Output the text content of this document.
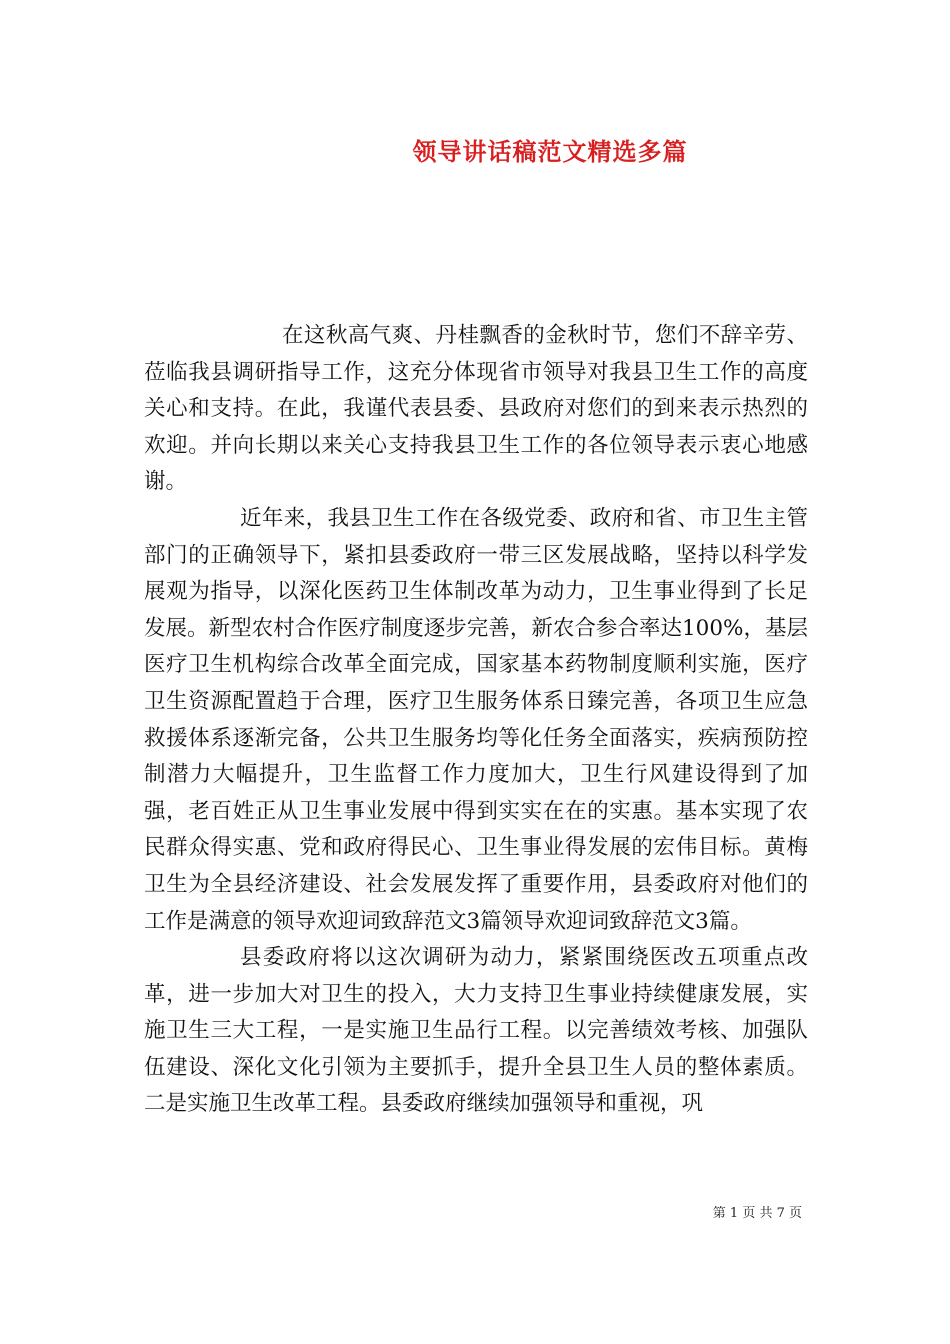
领导讲话稿范文精选多篇

在这秋高气爽、丹桂飘香的金秋时节，您们不辞辛劳、莅临我县调研指导工作，这充分体现省市领导对我县卫生工作的高度关心和支持。在此，我谨代表县委、县政府对您们的到来表示热烈的欢迎。并向长期以来关心支持我县卫生工作的各位领导表示衷心地感谢。

近年来，我县卫生工作在各级党委、政府和省、市卫生主管部门的正确领导下，紧扣县委政府一带三区发展战略，坚持以科学发展观为指导，以深化医药卫生体制改革为动力，卫生事业得到了长足发展。新型农村合作医疗制度逐步完善，新农合参合率达100%，基层医疗卫生机构综合改革全面完成，国家基本药物制度顺利实施，医疗卫生资源配置趋于合理，医疗卫生服务体系日臻完善，各项卫生应急救援体系逐渐完备，公共卫生服务均等化任务全面落实，疾病预防控制潜力大幅提升，卫生监督工作力度加大，卫生行风建设得到了加强，老百姓正从卫生事业发展中得到实实在在的实惠。基本实现了农民群众得实惠、党和政府得民心、卫生事业得发展的宏伟目标。黄梅卫生为全县经济建设、社会发展发挥了重要作用，县委政府对他们的工作是满意的领导欢迎词致辞范文3篇领导欢迎词致辞范文3篇。

县委政府将以这次调研为动力，紧紧围绕医改五项重点改革，进一步加大对卫生的投入，大力支持卫生事业持续健康发展，实施卫生三大工程，一是实施卫生品行工程。以完善绩效考核、加强队伍建设、深化文化引领为主要抓手，提升全县卫生人员的整体素质。二是实施卫生改革工程。县委政府继续加强领导和重视，巩

第 1 页 共 7 页
